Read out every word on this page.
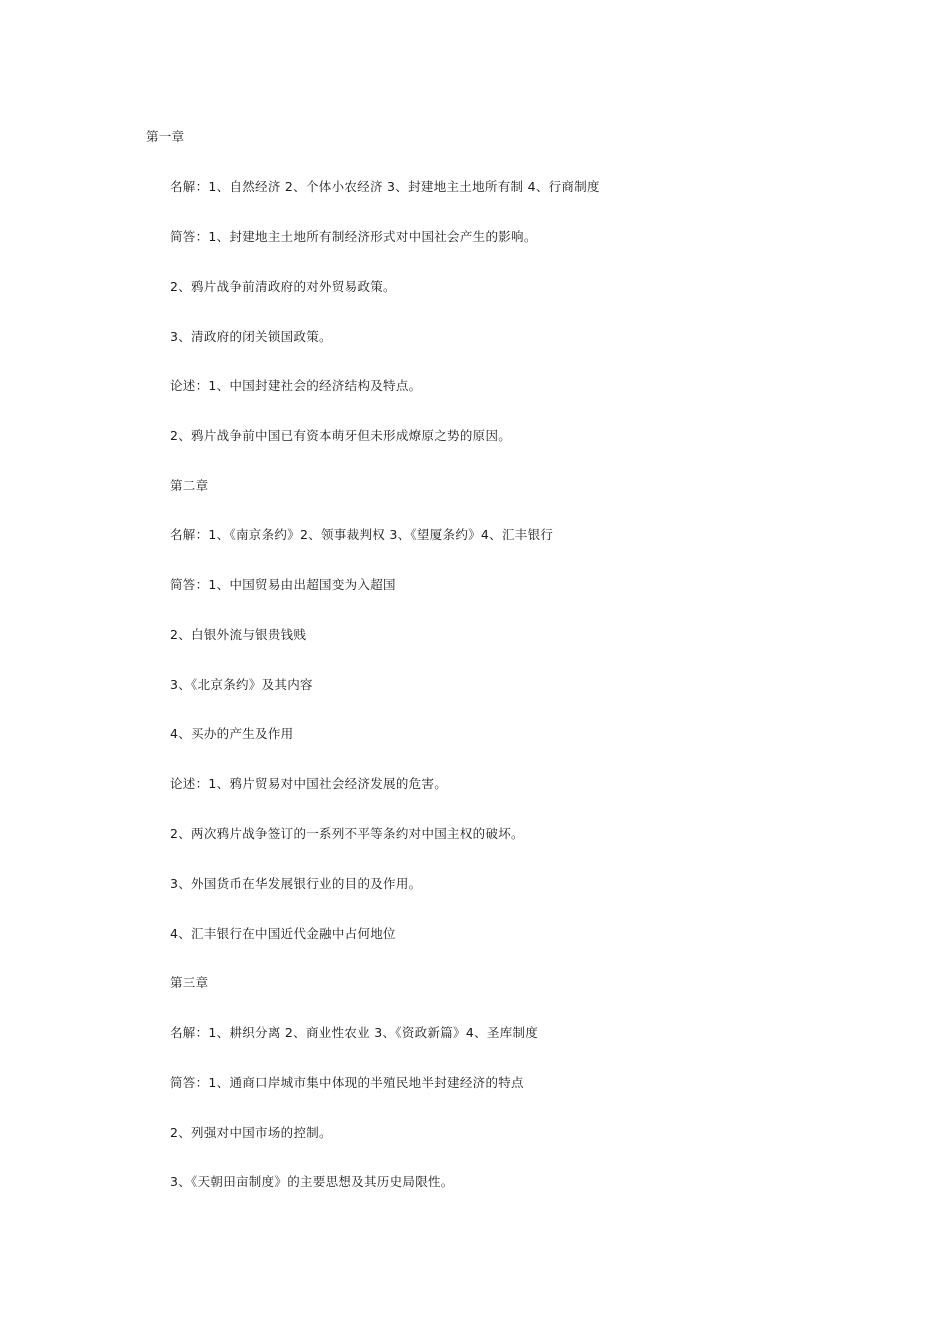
第一章
名解：1、自然经济 2、个体小农经济 3、封建地主土地所有制 4、行商制度
简答：1、封建地主土地所有制经济形式对中国社会产生的影响。
2、鸦片战争前清政府的对外贸易政策。
3、清政府的闭关锁国政策。
论述：1、中国封建社会的经济结构及特点。
2、鸦片战争前中国已有资本萌牙但未形成燎原之势的原因。
第二章
名解：1、《南京条约》2、领事裁判权 3、《望厦条约》4、汇丰银行
简答：1、中国贸易由出超国变为入超国
2、白银外流与银贵钱贱
3、《北京条约》及其内容
4、买办的产生及作用
论述：1、鸦片贸易对中国社会经济发展的危害。
2、两次鸦片战争签订的一系列不平等条约对中国主权的破坏。
3、外国货币在华发展银行业的目的及作用。
4、汇丰银行在中国近代金融中占何地位
第三章
名解：1、耕织分离 2、商业性农业 3、《资政新篇》4、圣库制度
简答：1、通商口岸城市集中体现的半殖民地半封建经济的特点
2、列强对中国市场的控制。
3、《天朝田亩制度》的主要思想及其历史局限性。
